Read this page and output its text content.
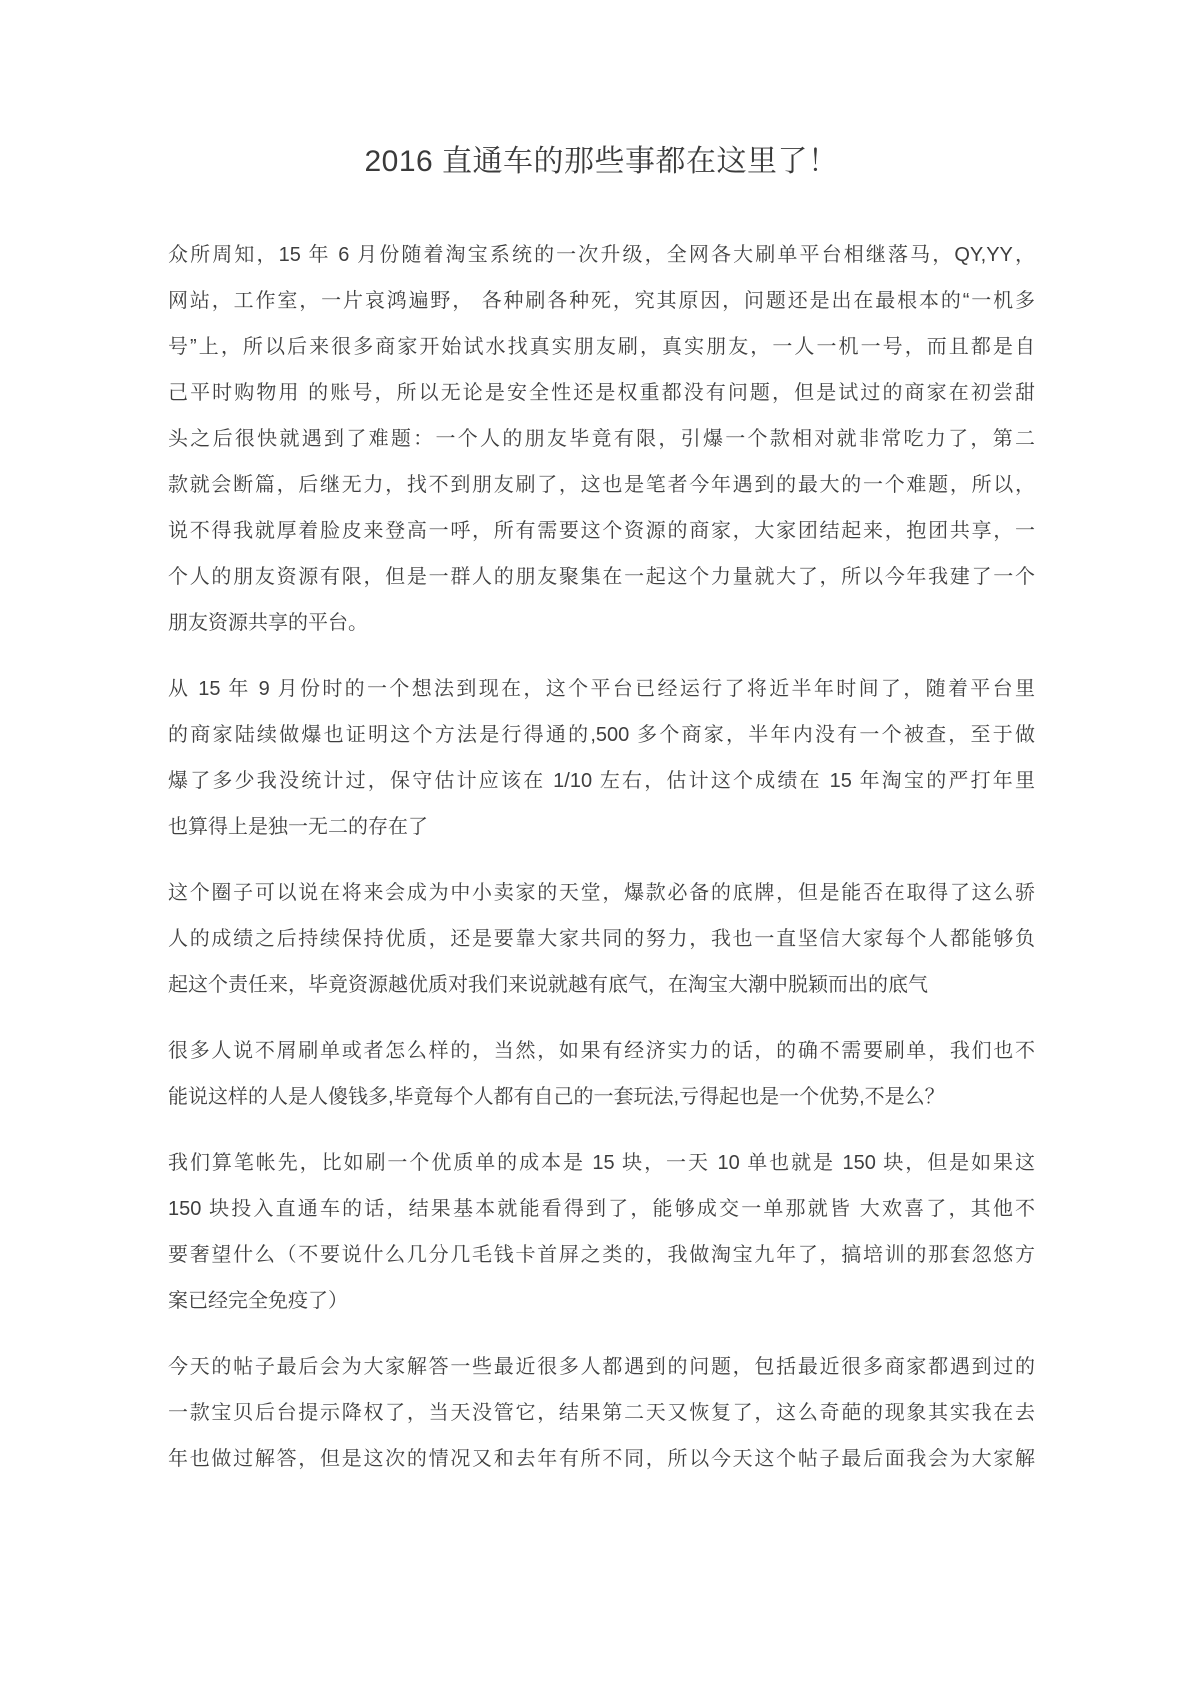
2016 直通车的那些事都在这里了！
众所周知，15 年 6 月份随着淘宝系统的一次升级，全网各大刷单平台相继落马，QY,YY，
网站，工作室，一片哀鸿遍野， 各种刷各种死，究其原因，问题还是出在最根本的“一机多
号”上，所以后来很多商家开始试水找真实朋友刷，真实朋友，一人一机一号，而且都是自
己平时购物用 的账号，所以无论是安全性还是权重都没有问题，但是试过的商家在初尝甜
头之后很快就遇到了难题：一个人的朋友毕竟有限，引爆一个款相对就非常吃力了，第二
款就会断篇，后继无力，找不到朋友刷了，这也是笔者今年遇到的最大的一个难题，所以，
说不得我就厚着脸皮来登高一呼，所有需要这个资源的商家，大家团结起来，抱团共享，一
个人的朋友资源有限，但是一群人的朋友聚集在一起这个力量就大了，所以今年我建了一个
朋友资源共享的平台。
从 15 年 9 月份时的一个想法到现在，这个平台已经运行了将近半年时间了，随着平台里
的商家陆续做爆也证明这个方法是行得通的,500 多个商家，半年内没有一个被查，至于做
爆了多少我没统计过，保守估计应该在 1/10 左右，估计这个成绩在 15 年淘宝的严打年里
也算得上是独一无二的存在了
这个圈子可以说在将来会成为中小卖家的天堂，爆款必备的底牌，但是能否在取得了这么骄
人的成绩之后持续保持优质，还是要靠大家共同的努力，我也一直坚信大家每个人都能够负
起这个责任来，毕竟资源越优质对我们来说就越有底气，在淘宝大潮中脱颖而出的底气
很多人说不屑刷单或者怎么样的，当然，如果有经济实力的话，的确不需要刷单，我们也不
能说这样的人是人傻钱多,毕竟每个人都有自己的一套玩法,亏得起也是一个优势,不是么？
我们算笔帐先，比如刷一个优质单的成本是 15 块，一天 10 单也就是 150 块，但是如果这
150 块投入直通车的话，结果基本就能看得到了，能够成交一单那就皆 大欢喜了，其他不
要奢望什么（不要说什么几分几毛钱卡首屏之类的，我做淘宝九年了，搞培训的那套忽悠方
案已经完全免疫了）
今天的帖子最后会为大家解答一些最近很多人都遇到的问题，包括最近很多商家都遇到过的
一款宝贝后台提示降权了，当天没管它，结果第二天又恢复了，这么奇葩的现象其实我在去
年也做过解答，但是这次的情况又和去年有所不同，所以今天这个帖子最后面我会为大家解
